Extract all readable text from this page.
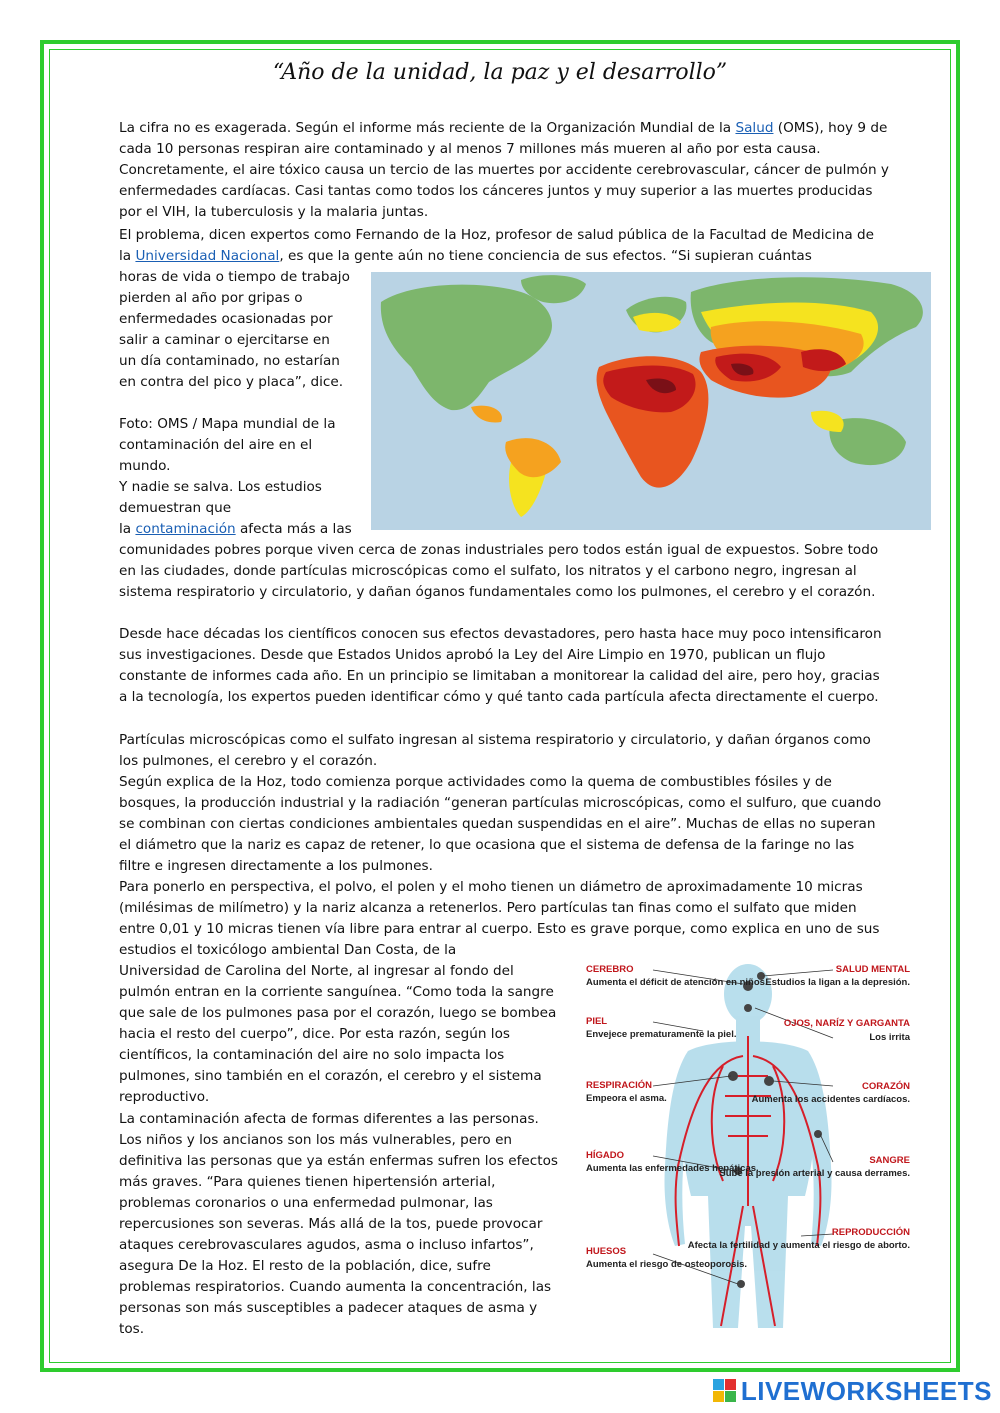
“Año de la unidad, la paz y el desarrollo”

La cifra no es exagerada. Según el informe más reciente de la Organización Mundial de la Salud (OMS), hoy 9 de cada 10 personas respiran aire contaminado y al menos 7 millones más mueren al año por esta causa. Concretamente, el aire tóxico causa un tercio de las muertes por accidente cerebrovascular, cáncer de pulmón y enfermedades cardíacas. Casi tantas como todos los cánceres juntos y muy superior a las muertes producidas por el VIH, la tuberculosis y la malaria juntas.

El problema, dicen expertos como Fernando de la Hoz, profesor de salud pública de la Facultad de Medicina de la Universidad Nacional, es que la gente aún no tiene conciencia de sus efectos. “Si supieran cuántas

horas de vida o tiempo de trabajo pierden al año por gripas o enfermedades ocasionadas por salir a caminar o ejercitarse en un día contaminado, no estarían en contra del pico y placa”, dice.

Foto: OMS / Mapa mundial de la contaminación del aire en el mundo.

Y nadie se salva. Los estudios demuestran que

la contaminación afecta más a las

comunidades pobres porque viven cerca de zonas industriales pero todos están igual de expuestos. Sobre todo en las ciudades, donde partículas microscópicas como el sulfato, los nitratos y el carbono negro, ingresan al sistema respiratorio y circulatorio, y dañan óganos fundamentales como los pulmones, el cerebro y el corazón.

Desde hace décadas los científicos conocen sus efectos devastadores, pero hasta hace muy poco intensificaron sus investigaciones. Desde que Estados Unidos aprobó la Ley del Aire Limpio en 1970, publican un flujo constante de informes cada año. En un principio se limitaban a monitorear la calidad del aire, pero hoy, gracias a la tecnología, los expertos pueden identificar cómo y qué tanto cada partícula afecta directamente el cuerpo.

Partículas microscópicas como el sulfato ingresan al sistema respiratorio y circulatorio, y dañan órganos como los pulmones, el cerebro y el corazón.

Según explica de la Hoz, todo comienza porque actividades como la quema de combustibles fósiles y de bosques, la producción industrial y la radiación “generan partículas microscópicas, como el sulfuro, que cuando se combinan con ciertas condiciones ambientales quedan suspendidas en el aire”. Muchas de ellas no superan el diámetro que la nariz es capaz de retener, lo que ocasiona que el sistema de defensa de la faringe no las filtre e ingresen directamente a los pulmones.

Para ponerlo en perspectiva, el polvo, el polen y el moho tienen un diámetro de aproximadamente 10 micras (milésimas de milímetro) y la nariz alcanza a retenerlos. Pero partículas tan finas como el sulfato que miden entre 0,01 y 10 micras tienen vía libre para entrar al cuerpo. Esto es grave porque, como explica en uno de sus estudios el toxicólogo ambiental Dan Costa, de la

Universidad de Carolina del Norte, al ingresar al fondo del pulmón entran en la corriente sanguínea. “Como toda la sangre que sale de los pulmones pasa por el corazón, luego se bombea hacia el resto del cuerpo”, dice. Por esta razón, según los científicos, la contaminación del aire no solo impacta los pulmones, sino también en el corazón, el cerebro y el sistema reproductivo.

La contaminación afecta de formas diferentes a las personas. Los niños y los ancianos son los más vulnerables, pero en definitiva las personas que ya están enfermas sufren los efectos más graves. “Para quienes tienen hipertensión arterial, problemas coronarios o una enfermedad pulmonar, las repercusiones son severas. Más allá de la tos, puede provocar ataques cerebrovasculares agudos, asma o incluso infartos”, asegura De la Hoz. El resto de la población, dice, sufre problemas respiratorios. Cuando aumenta la concentración, las personas son más susceptibles a padecer ataques de asma y tos.

CEREBRO
Aumenta el déficit de atención en niños.
PIEL
Envejece prematuramente la piel.
RESPIRACIÓN
Empeora el asma.
HÍGADO
Aumenta las enfermedades hepáticas.
HUESOS
Aumenta el riesgo de osteoporosis.
SALUD MENTAL
Estudios la ligan a la depresión.
OJOS, NARÍZ Y GARGANTA
Los irrita
CORAZÓN
Aumenta los accidentes cardíacos.
SANGRE
Sube la presión arterial y causa derrames.
REPRODUCCIÓN
Afecta la fertilidad y aumenta el riesgo de aborto.
LIVEWORKSHEETS
